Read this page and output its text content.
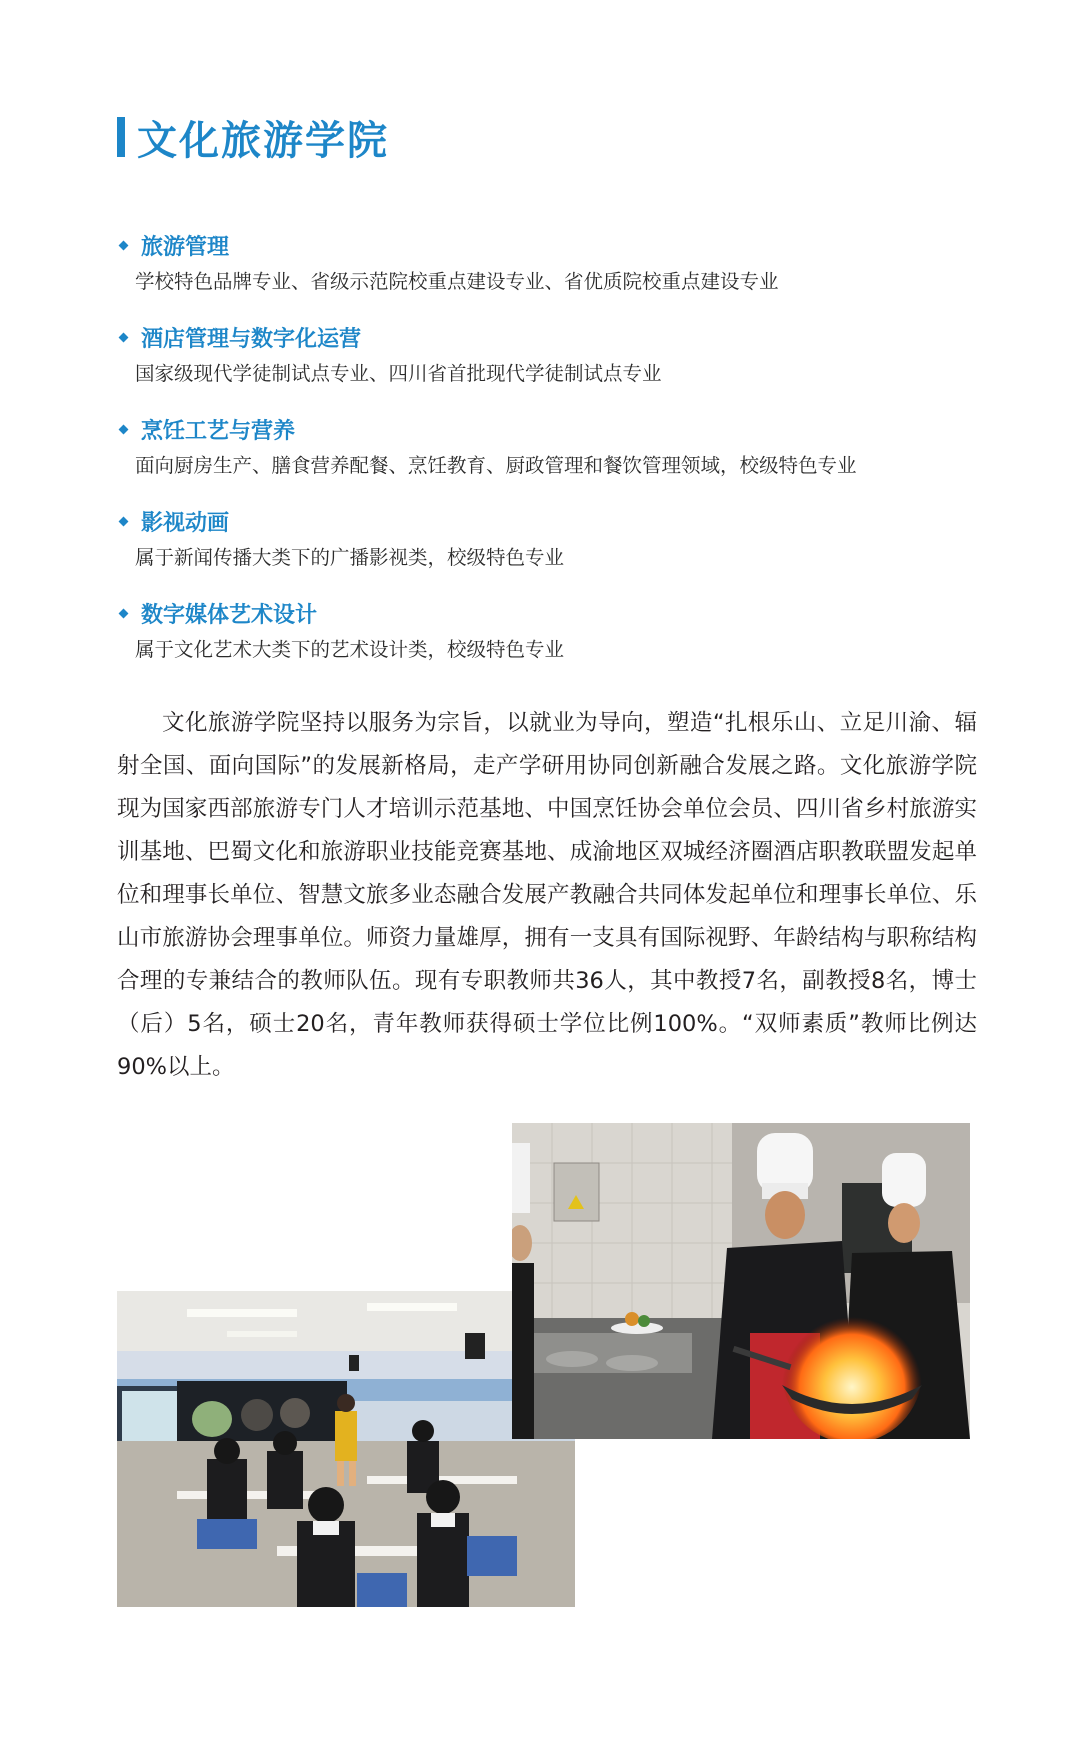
文化旅游学院
旅游管理
学校特色品牌专业、省级示范院校重点建设专业、省优质院校重点建设专业
酒店管理与数字化运营
国家级现代学徒制试点专业、四川省首批现代学徒制试点专业
烹饪工艺与营养
面向厨房生产、膳食营养配餐、烹饪教育、厨政管理和餐饮管理领域，校级特色专业
影视动画
属于新闻传播大类下的广播影视类，校级特色专业
数字媒体艺术设计
属于文化艺术大类下的艺术设计类，校级特色专业

文化旅游学院坚持以服务为宗旨，以就业为导向，塑造“扎根乐山、立足川渝、辐射全国、面向国际”的发展新格局，走产学研用协同创新融合发展之路。文化旅游学院现为国家西部旅游专门人才培训示范基地、中国烹饪协会单位会员、四川省乡村旅游实训基地、巴蜀文化和旅游职业技能竞赛基地、成渝地区双城经济圈酒店职教联盟发起单位和理事长单位、智慧文旅多业态融合发展产教融合共同体发起单位和理事长单位、乐山市旅游协会理事单位。师资力量雄厚，拥有一支具有国际视野、年龄结构与职称结构合理的专兼结合的教师队伍。现有专职教师共36人，其中教授7名，副教授8名，博士（后）5名，硕士20名，青年教师获得硕士学位比例100%。“双师素质”教师比例达90%以上。
